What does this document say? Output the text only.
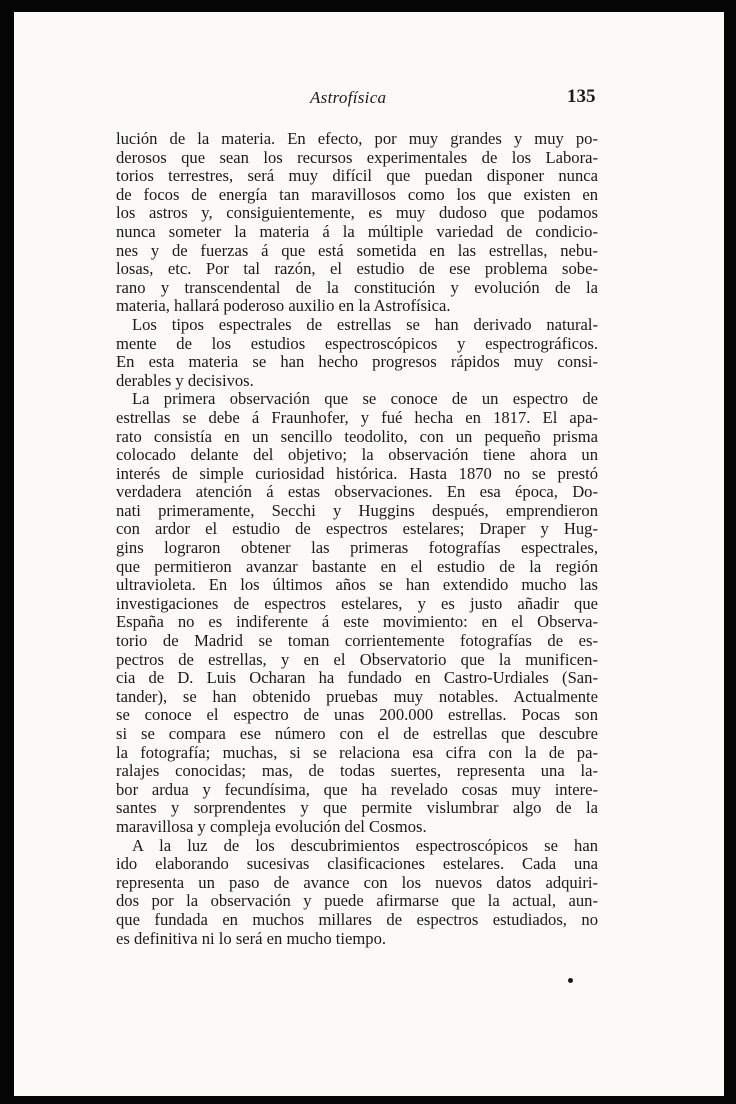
Astrofísica	135
lución de la materia. En efecto, por muy grandes y muy po-
derosos que sean los recursos experimentales de los Labora-
torios terrestres, será muy difícil que puedan disponer nunca
de focos de energía tan maravillosos como los que existen en
los astros y, consiguientemente, es muy dudoso que podamos
nunca someter la materia á la múltiple variedad de condicio-
nes y de fuerzas á que está sometida en las estrellas, nebu-
losas, etc. Por tal razón, el estudio de ese problema sobe-
rano y transcendental de la constitución y evolución de la
materia, hallará poderoso auxilio en la Astrofísica.
Los tipos espectrales de estrellas se han derivado natural-
mente de los estudios espectroscópicos y espectrográficos.
En esta materia se han hecho progresos rápidos muy consi-
derables y decisivos.
La primera observación que se conoce de un espectro de
estrellas se debe á Fraunhofer, y fué hecha en 1817. El apa-
rato consistía en un sencillo teodolito, con un pequeño prisma
colocado delante del objetivo; la observación tiene ahora un
interés de simple curiosidad histórica. Hasta 1870 no se prestó
verdadera atención á estas observaciones. En esa época, Do-
nati primeramente, Secchi y Huggins después, emprendieron
con ardor el estudio de espectros estelares; Draper y Hug-
gins lograron obtener las primeras fotografías espectrales,
que permitieron avanzar bastante en el estudio de la región
ultravioleta. En los últimos años se han extendido mucho las
investigaciones de espectros estelares, y es justo añadir que
España no es indiferente á este movimiento: en el Observa-
torio de Madrid se toman corrientemente fotografías de es-
pectros de estrellas, y en el Observatorio que la munificen-
cia de D. Luis Ocharan ha fundado en Castro-Urdiales (San-
tander), se han obtenido pruebas muy notables. Actualmente
se conoce el espectro de unas 200.000 estrellas. Pocas son
si se compara ese número con el de estrellas que descubre
la fotografía; muchas, si se relaciona esa cifra con la de pa-
ralajes conocidas; mas, de todas suertes, representa una la-
bor ardua y fecundísima, que ha revelado cosas muy intere-
santes y sorprendentes y que permite vislumbrar algo de la
maravillosa y compleja evolución del Cosmos.
A la luz de los descubrimientos espectroscópicos se han
ido elaborando sucesivas clasificaciones estelares. Cada una
representa un paso de avance con los nuevos datos adquiri-
dos por la observación y puede afirmarse que la actual, aun-
que fundada en muchos millares de espectros estudiados, no
es definitiva ni lo será en mucho tiempo.
